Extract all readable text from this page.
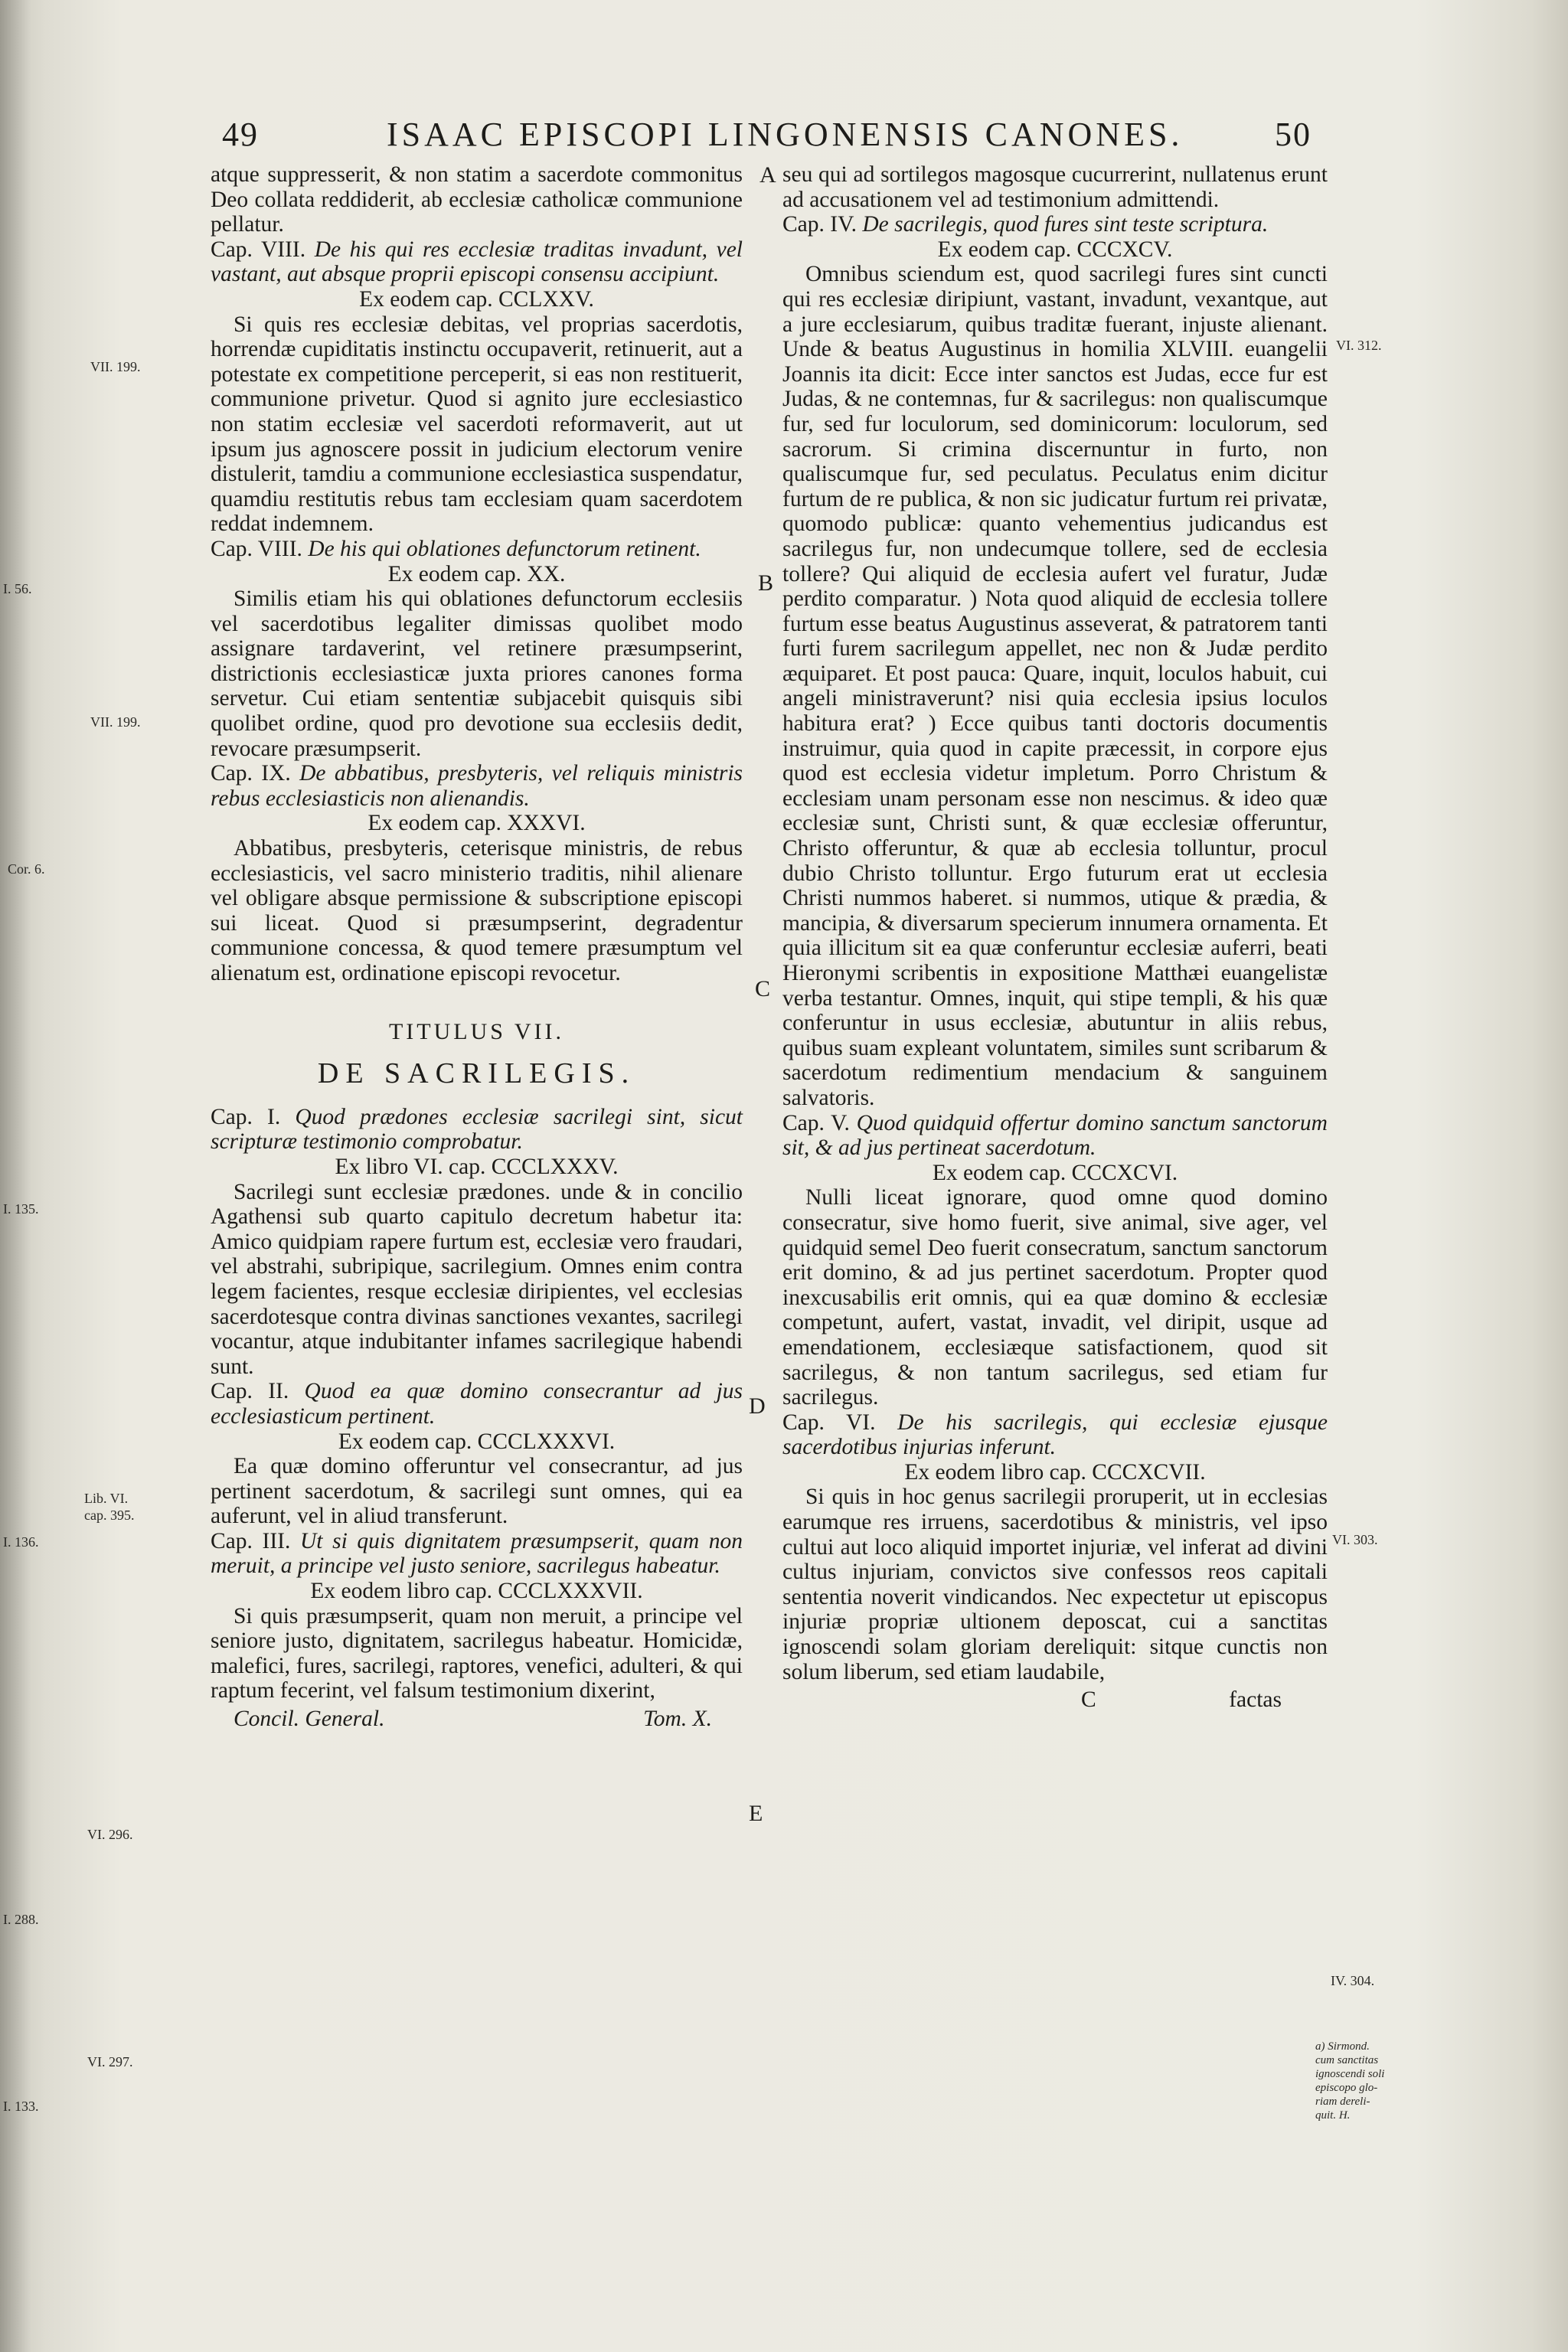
49	ISAAC EPISCOPI LINGONENSIS CANONES.	50

atque suppresserit, & non statim a sacerdote commonitus Deo collata reddiderit, ab ecclesiæ catholicæ communione pellatur.

Cap. VIII. De his qui res ecclesiæ traditas invadunt, vel vastant, aut absque proprii episcopi consensu accipiunt.
Ex eodem cap. CCLXXV.

Si quis res ecclesiæ debitas, vel proprias sacerdotis, horrendæ cupiditatis instinctu occupaverit, retinuerit, aut a potestate ex competitione perceperit, si eas non restituerit, communione privetur. Quod si agnito jure ecclesiastico non statim ecclesiæ vel sacerdoti reformaverit, aut ut ipsum jus agnoscere possit in judicium electorum venire distulerit, tamdiu a communione ecclesiastica suspendatur, quamdiu restitutis rebus tam ecclesiam quam sacerdotem reddat indemnem.

Cap. VIII. De his qui oblationes defunctorum retinent.
Ex eodem cap. XX.

Similis etiam his qui oblationes defunctorum ecclesiis vel sacerdotibus legaliter dimissas quolibet modo assignare tardaverint, vel retinere præsumpserint, districtionis ecclesiasticæ juxta priores canones forma servetur. Cui etiam sententiæ subjacebit quisquis sibi quolibet ordine, quod pro devotione sua ecclesiis dedit, revocare præsumpserit.

Cap. IX. De abbatibus, presbyteris, vel reliquis ministris rebus ecclesiasticis non alienandis.
Ex eodem cap. XXXVI.

Abbatibus, presbyteris, ceterisque ministris, de rebus ecclesiasticis, vel sacro ministerio traditis, nihil alienare vel obligare absque permissione & subscriptione episcopi sui liceat. Quod si præsumpserint, degradentur communione concessa, & quod temere præsumptum vel alienatum est, ordinatione episcopi revocetur.

TITULUS VII.
DE SACRILEGIS.
Cap. I. Quod prædones ecclesiæ sacrilegi sint, sicut scripturæ testimonio comprobatur.
Ex libro VI. cap. CCCLXXXV.

Sacrilegi sunt ecclesiæ prædones. unde & in concilio Agathensi sub quarto capitulo decretum habetur ita: Amico quidpiam rapere furtum est, ecclesiæ vero fraudari, vel abstrahi, subripique, sacrilegium. Omnes enim contra legem facientes, resque ecclesiæ diripientes, vel ecclesias sacerdotesque contra divinas sanctiones vexantes, sacrilegi vocantur, atque indubitanter infames sacrilegique habendi sunt.

Cap. II. Quod ea quæ domino consecrantur ad jus ecclesiasticum pertinent.
Ex eodem cap. CCCLXXXVI.

Ea quæ domino offeruntur vel consecrantur, ad jus pertinent sacerdotum, & sacrilegi sunt omnes, qui ea auferunt, vel in aliud transferunt.

Cap. III. Ut si quis dignitatem præsumpserit, quam non meruit, a principe vel justo seniore, sacrilegus habeatur.
Ex eodem libro cap. CCCLXXXVII.

Si quis præsumpserit, quam non meruit, a principe vel seniore justo, dignitatem, sacrilegus habeatur. Homicidæ, malefici, fures, sacrilegi, raptores, venefici, adulteri, & qui raptum fecerint, vel falsum testimonium dixerint,

Concil. General.	Tom. X.

seu qui ad sortilegos magosque cucurrerint, nullatenus erunt ad accusationem vel ad testimonium admittendi.

Cap. IV. De sacrilegis, quod fures sint teste scriptura.
Ex eodem cap. CCCXCV.

Omnibus sciendum est, quod sacrilegi fures sint cuncti qui res ecclesiæ diripiunt, vastant, invadunt, vexantque, aut a jure ecclesiarum, quibus traditæ fuerant, injuste alienant. Unde & beatus Augustinus in homilia XLVIII. euangelii Joannis ita dicit: Ecce inter sanctos est Judas, ecce fur est Judas, & ne contemnas, fur & sacrilegus: non qualiscumque fur, sed fur loculorum, sed dominicorum: loculorum, sed sacrorum. Si crimina discernuntur in furto, non qualiscumque fur, sed peculatus. Peculatus enim dicitur furtum de re publica, & non sic judicatur furtum rei privatæ, quomodo publicæ: quanto vehementius judicandus est sacrilegus fur, non undecumque tollere, sed de ecclesia tollere? Qui aliquid de ecclesia aufert vel furatur, Judæ perdito comparatur. ) Nota quod aliquid de ecclesia tollere furtum esse beatus Augustinus asseverat, & patratorem tanti furti furem sacrilegum appellet, nec non & Judæ perdito æquiparet. Et post pauca: Quare, inquit, loculos habuit, cui angeli ministraverunt? nisi quia ecclesia ipsius loculos habitura erat? ) Ecce quibus tanti doctoris documentis instruimur, quia quod in capite præcessit, in corpore ejus quod est ecclesia videtur impletum. Porro Christum & ecclesiam unam personam esse non nescimus. & ideo quæ ecclesiæ sunt, Christi sunt, & quæ ecclesiæ offeruntur, Christo offeruntur, & quæ ab ecclesia tolluntur, procul dubio Christo tolluntur. Ergo futurum erat ut ecclesia Christi nummos haberet. si nummos, utique & prædia, & mancipia, & diversarum specierum innumera ornamenta. Et quia illicitum sit ea quæ conferuntur ecclesiæ auferri, beati Hieronymi scribentis in expositione Matthæi euangelistæ verba testantur. Omnes, inquit, qui stipe templi, & his quæ conferuntur in usus ecclesiæ, abutuntur in aliis rebus, quibus suam expleant voluntatem, similes sunt scribarum & sacerdotum redimentium mendacium & sanguinem salvatoris.

Cap. V. Quod quidquid offertur domino sanctum sanctorum sit, & ad jus pertineat sacerdotum.
Ex eodem cap. CCCXCVI.

Nulli liceat ignorare, quod omne quod domino consecratur, sive homo fuerit, sive animal, sive ager, vel quidquid semel Deo fuerit consecratum, sanctum sanctorum erit domino, & ad jus pertinet sacerdotum. Propter quod inexcusabilis erit omnis, qui ea quæ domino & ecclesiæ competunt, aufert, vastat, invadit, vel diripit, usque ad emendationem, ecclesiæque satisfactionem, quod sit sacrilegus, & non tantum sacrilegus, sed etiam fur sacrilegus.

Cap. VI. De his sacrilegis, qui ecclesiæ ejusque sacerdotibus injurias inferunt.
Ex eodem libro cap. CCCXCVII.

Si quis in hoc genus sacrilegii proruperit, ut in ecclesias earumque res irruens, sacerdotibus & ministris, vel ipso cultui aut loco aliquid importet injuriæ, vel inferat ad divini cultus injuriam, convictos sive confessos reos capitali sententia noverit vindicandos. Nec expectetur ut episcopus injuriæ propriæ ultionem deposcat, cui a sanctitas ignoscendi solam gloriam dereliquit: sitque cunctis non solum liberum, sed etiam laudabile,

C	factas
A
B
C
D
E
VII. 199.
I. 56.
VII. 199.
Cor. 6.
I. 135.
Lib. VI.
cap. 395.
I. 136.
VI. 296.
I. 288.
VI. 297.
I. 133.
VI. 312.
VI. 303.
IV. 304.
a) Sirmond.
cum sanctitas
ignoscendi soli
episcopo glo-
riam dereli-
quit. H.
